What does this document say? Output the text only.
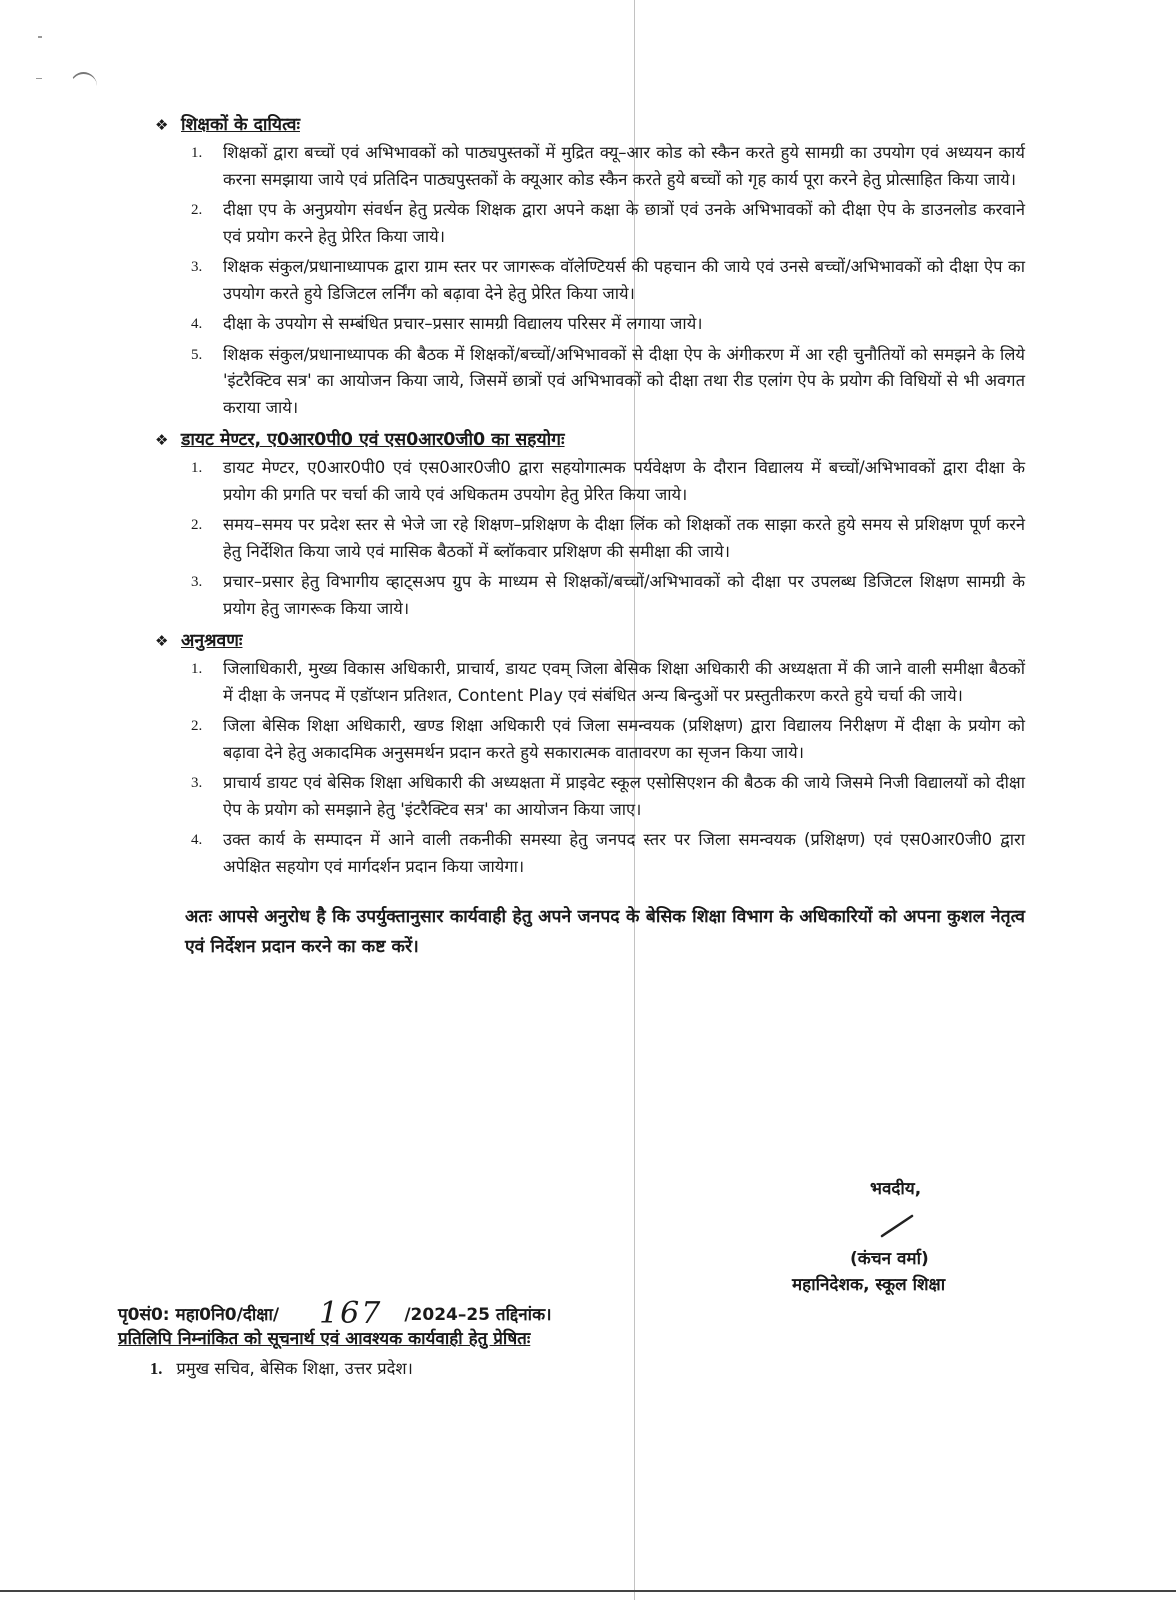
❖ शिक्षकों के दायित्वः
1. शिक्षकों द्वारा बच्चों एवं अभिभावकों को पाठ्यपुस्तकों में मुद्रित क्यू–आर कोड को स्कैन करते हुये सामग्री का उपयोग एवं अध्ययन कार्य करना समझाया जाये एवं प्रतिदिन पाठ्यपुस्तकों के क्यूआर कोड स्कैन करते हुये बच्चों को गृह कार्य पूरा करने हेतु प्रोत्साहित किया जाये।
2. दीक्षा एप के अनुप्रयोग संवर्धन हेतु प्रत्येक शिक्षक द्वारा अपने कक्षा के छात्रों एवं उनके अभिभावकों को दीक्षा ऐप के डाउनलोड करवाने एवं प्रयोग करने हेतु प्रेरित किया जाये।
3. शिक्षक संकुल/प्रधानाध्यापक द्वारा ग्राम स्तर पर जागरूक वॉलेण्टियर्स की पहचान की जाये एवं उनसे बच्चों/अभिभावकों को दीक्षा ऐप का उपयोग करते हुये डिजिटल लर्निंग को बढ़ावा देने हेतु प्रेरित किया जाये।
4. दीक्षा के उपयोग से सम्बंधित प्रचार–प्रसार सामग्री विद्यालय परिसर में लगाया जाये।
5. शिक्षक संकुल/प्रधानाध्यापक की बैठक में शिक्षकों/बच्चों/अभिभावकों से दीक्षा ऐप के अंगीकरण में आ रही चुनौतियों को समझने के लिये 'इंटरैक्टिव सत्र' का आयोजन किया जाये, जिसमें छात्रों एवं अभिभावकों को दीक्षा तथा रीड एलांग ऐप के प्रयोग की विधियों से भी अवगत कराया जाये।
❖ डायट मेण्टर, ए0आर0पी0 एवं एस0आर0जी0 का सहयोगः
1. डायट मेण्टर, ए0आर0पी0 एवं एस0आर0जी0 द्वारा सहयोगात्मक पर्यवेक्षण के दौरान विद्यालय में बच्चों/अभिभावकों द्वारा दीक्षा के प्रयोग की प्रगति पर चर्चा की जाये एवं अधिकतम उपयोग हेतु प्रेरित किया जाये।
2. समय–समय पर प्रदेश स्तर से भेजे जा रहे शिक्षण–प्रशिक्षण के दीक्षा लिंक को शिक्षकों तक साझा करते हुये समय से प्रशिक्षण पूर्ण करने हेतु निर्देशित किया जाये एवं मासिक बैठकों में ब्लॉकवार प्रशिक्षण की समीक्षा की जाये।
3. प्रचार–प्रसार हेतु विभागीय व्हाट्सअप ग्रुप के माध्यम से शिक्षकों/बच्चों/अभिभावकों को दीक्षा पर उपलब्ध डिजिटल शिक्षण सामग्री के प्रयोग हेतु जागरूक किया जाये।
❖ अनुश्रवणः
1. जिलाधिकारी, मुख्य विकास अधिकारी, प्राचार्य, डायट एवम् जिला बेसिक शिक्षा अधिकारी की अध्यक्षता में की जाने वाली समीक्षा बैठकों में दीक्षा के जनपद में एडॉप्शन प्रतिशत, Content Play एवं संबंधित अन्य बिन्दुओं पर प्रस्तुतीकरण करते हुये चर्चा की जाये।
2. जिला बेसिक शिक्षा अधिकारी, खण्ड शिक्षा अधिकारी एवं जिला समन्वयक (प्रशिक्षण) द्वारा विद्यालय निरीक्षण में दीक्षा के प्रयोग को बढ़ावा देने हेतु अकादमिक अनुसमर्थन प्रदान करते हुये सकारात्मक वातावरण का सृजन किया जाये।
3. प्राचार्य डायट एवं बेसिक शिक्षा अधिकारी की अध्यक्षता में प्राइवेट स्कूल एसोसिएशन की बैठक की जाये जिसमे निजी विद्यालयों को दीक्षा ऐप के प्रयोग को समझाने हेतु 'इंटरैक्टिव सत्र' का आयोजन किया जाए।
4. उक्त कार्य के सम्पादन में आने वाली तकनीकी समस्या हेतु जनपद स्तर पर जिला समन्वयक (प्रशिक्षण) एवं एस0आर0जी0 द्वारा अपेक्षित सहयोग एवं मार्गदर्शन प्रदान किया जायेगा।

अतः आपसे अनुरोध है कि उपर्युक्तानुसार कार्यवाही हेतु अपने जनपद के बेसिक शिक्षा विभाग के अधिकारियों को अपना कुशल नेतृत्व एवं निर्देशन प्रदान करने का कष्ट करें।

भवदीय,
(कंचन वर्मा)
महानिदेशक, स्कूल शिक्षा
पृ0सं0: महा0नि0/दीक्षा/ 167 /2024–25 तद्दिनांक।
प्रतिलिपि निम्नांकित को सूचनार्थ एवं आवश्यक कार्यवाही हेतु प्रेषितः
1. प्रमुख सचिव, बेसिक शिक्षा, उत्तर प्रदेश।
